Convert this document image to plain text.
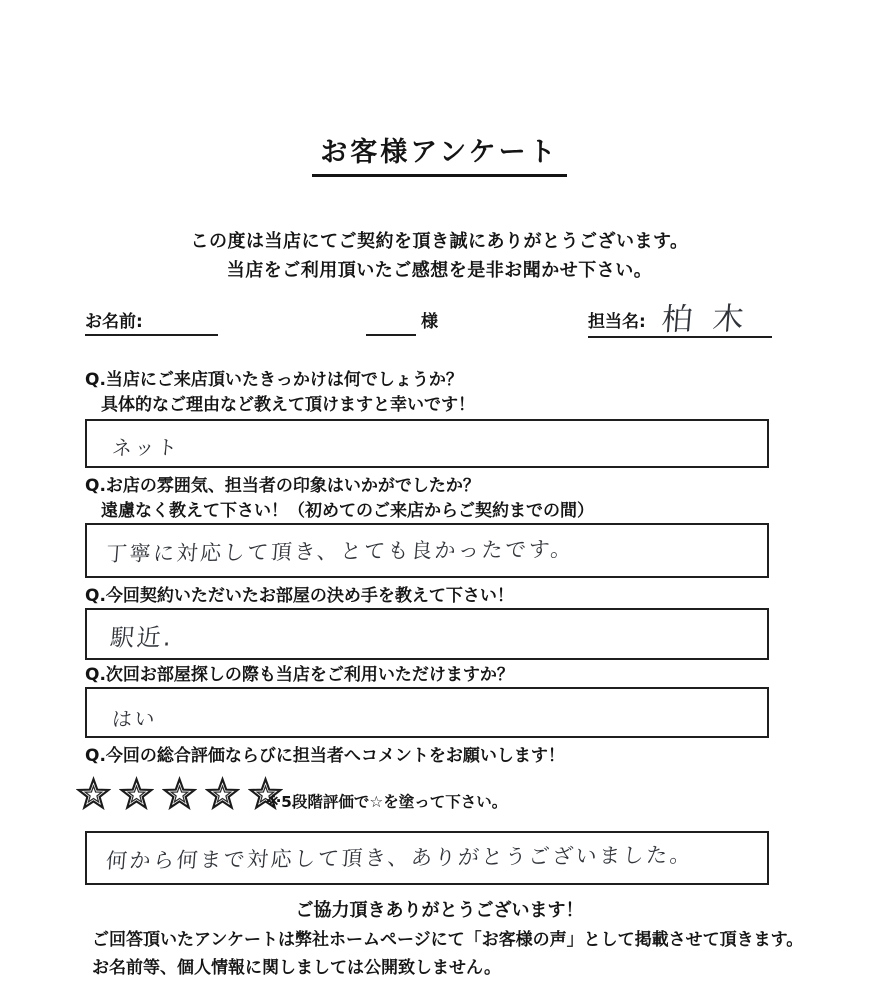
お客様アンケート
この度は当店にてご契約を頂き誠にありがとうございます。
当店をご利用頂いたご感想を是非お聞かせ下さい。
お名前:	様	担当名: 柏木
Q.当店にご来店頂いたきっかけは何でしょうか？
具体的なご理由など教えて頂けますと幸いです！
ネット
Q.お店の雰囲気、担当者の印象はいかがでしたか？
遠慮なく教えて下さい！（初めてのご来店からご契約までの間）
丁寧に対応して頂き、とても良かったです。
Q.今回契約いただいたお部屋の決め手を教えて下さい！
駅近.
Q.次回お部屋探しの際も当店をご利用いただけますか？
はい
Q.今回の総合評価ならびに担当者へコメントをお願いします！
※5段階評価で☆を塗って下さい。
何から何まで対応して頂き、ありがとうございました。
ご協力頂きありがとうございます！
ご回答頂いたアンケートは弊社ホームページにて「お客様の声」として掲載させて頂きます。
お名前等、個人情報に関しましては公開致しません。
